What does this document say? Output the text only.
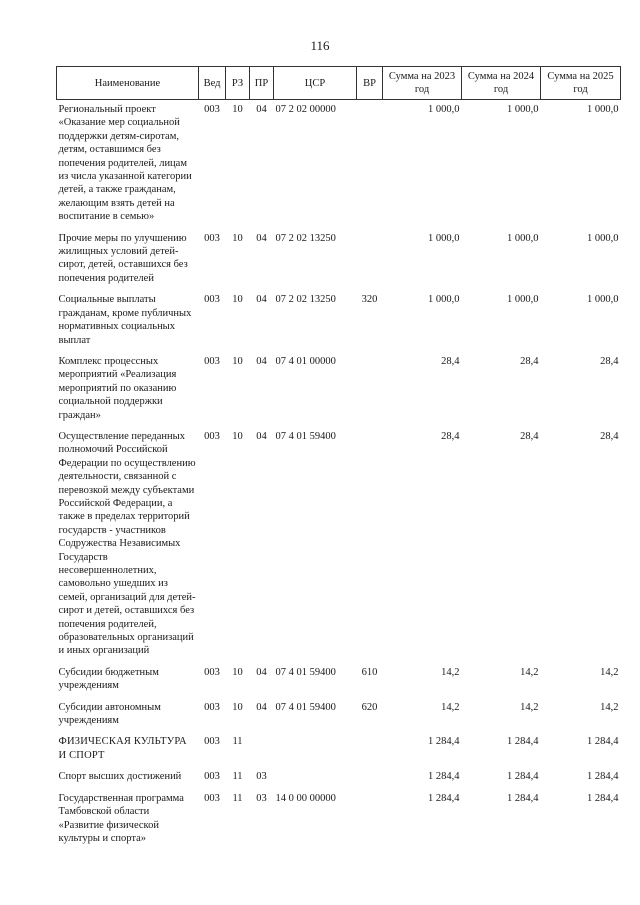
116
Наименование	Вед	РЗ	ПР	ЦСР	ВР	Сумма на 2023 год	Сумма на 2024 год	Сумма на 2025 год
Региональный проект «Оказание мер социальной поддержки детям-сиротам, детям, оставшимся без попечения родителей, лицам из числа указанной категории детей, а также гражданам, желающим взять детей на воспитание в семью»	003	10	04	07 2 02 00000		1 000,0	1 000,0	1 000,0
Прочие меры по улучшению жилищных условий детей-сирот, детей, оставшихся без попечения родителей	003	10	04	07 2 02 13250		1 000,0	1 000,0	1 000,0
Социальные выплаты гражданам, кроме публичных нормативных социальных выплат	003	10	04	07 2 02 13250	320	1 000,0	1 000,0	1 000,0
Комплекс процессных мероприятий «Реализация мероприятий по оказанию социальной поддержки граждан»	003	10	04	07 4 01 00000		28,4	28,4	28,4
Осуществление переданных полномочий Российской Федерации по осуществлению деятельности, связанной с перевозкой между субъектами Российской Федерации, а также в пределах территорий государств - участников Содружества Независимых Государств несовершеннолетних, самовольно ушедших из семей, организаций для детей-сирот и детей, оставшихся без попечения родителей, образовательных организаций и иных организаций	003	10	04	07 4 01 59400		28,4	28,4	28,4
Субсидии бюджетным учреждениям	003	10	04	07 4 01 59400	610	14,2	14,2	14,2
Субсидии автономным учреждениям	003	10	04	07 4 01 59400	620	14,2	14,2	14,2
ФИЗИЧЕСКАЯ КУЛЬТУРА И СПОРТ	003	11				1 284,4	1 284,4	1 284,4
Спорт высших достижений	003	11	03			1 284,4	1 284,4	1 284,4
Государственная программа Тамбовской области «Развитие физической культуры и спорта»	003	11	03	14 0 00 00000		1 284,4	1 284,4	1 284,4
